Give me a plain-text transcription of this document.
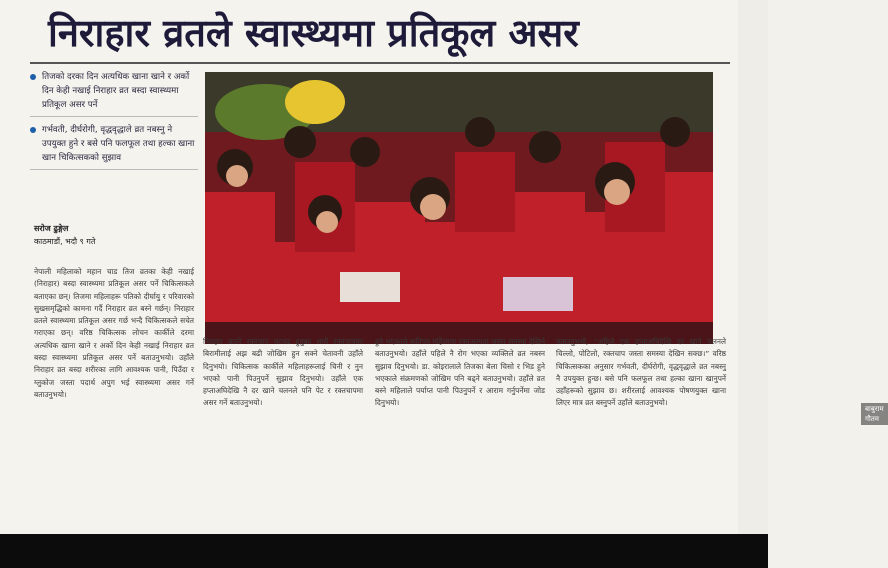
निराहार व्रतले स्वास्थ्यमा प्रतिकूल असर
तिजको दरका दिन अत्यधिक खाना खाने र अर्को दिन केही नखाई निराहार व्रत बस्दा स्वास्थ्यमा प्रतिकूल असर पर्ने
गर्भवती, दीर्घरोगी, वृद्धवृद्धाले व्रत नबस्नु ने उपयुक्त हुने र बसे पनि फलफूल तथा हल्का खाना खान चिकित्सकको सुझाव
सरोज ढुङ्गेल
काठमाडौं, भदौ ९ गते
बाबुराम गौतम
नेपाली महिलाको महान चाड तिज व्रतका केही नखाई (निराहार) बस्दा स्वास्थ्यमा प्रतिकूल असर पर्ने चिकित्सकले बताएका छन्। तिजमा महिलाहरू पतिको दीर्घायु र परिवारको सुखसमृद्धिको कामना गर्दै निराहार व्रत बस्ने गर्छन्। निराहार व्रतले स्वास्थ्यमा प्रतिकूल असर गर्छ भन्दै चिकित्सकले सचेत गराएका छन्। वरिष्ठ चिकित्सक लोचन कार्कीले दरमा अत्यधिक खाना खाने र अर्को दिन केही नखाई निराहार व्रत बस्दा स्वास्थ्यमा प्रतिकूल असर पर्ने बताउनुभयो। उहाँले निराहार व्रत बस्दा शरीरका लागि आवश्यक पानी, पिउँदा र ग्लुकोज जस्ता पदार्थ अपुग भई स्वास्थ्यमा असर गर्ने बताउनुभयो।
निराहार व्रतले रक्तचाप घटबढ हुनुका साथै रक्तचापका बिरामीलाई अझ बढी जोखिम हुन सक्ने चेतावनी उहाँले दिनुभयो। चिकित्सक कार्कीले महिलाहरूलाई चिनी र नुन भएको पानी पिउनुपर्ने सुझाव दिनुभयो। उहाँले एक हप्ताअघिदेखि नै दर खाने चलनले पनि पेट र रक्तचापमा असर गर्ने बताउनुभयो।
हुने भएकाले कतिपय महिलामा रक्तअल्पता जस्ता समस्या देखिने बताउनुभयो। उहाँले पहिले नै रोग भएका व्यक्तिले व्रत नबस्न सुझाव दिनुभयो। डा. कोइरालाले तिजका बेला चिसो र भिड हुने भएकाले संक्रमणको जोखिम पनि बढ्ने बताउनुभयो। उहाँले व्रत बस्ने महिलाले पर्याप्त पानी पिउनुपर्ने र आराम गर्नुपर्नेमा जोड दिनुभयो।
बताउनुभयो, “अहिले एक हप्ताअघिदेखि दर खाने चलनले चिल्लो, पोटिलो, रक्तचाप जस्ता समस्या देखिन सक्छ।” वरिष्ठ चिकित्सकका अनुसार गर्भवती, दीर्घरोगी, वृद्धवृद्धाले व्रत नबस्नु नै उपयुक्त हुन्छ। बसे पनि फलफूल तथा हल्का खाना खानुपर्ने उहाँहरूको सुझाव छ। शरीरलाई आवश्यक पोषणयुक्त खाना लिएर मात्र व्रत बस्नुपर्ने उहाँले बताउनुभयो।
